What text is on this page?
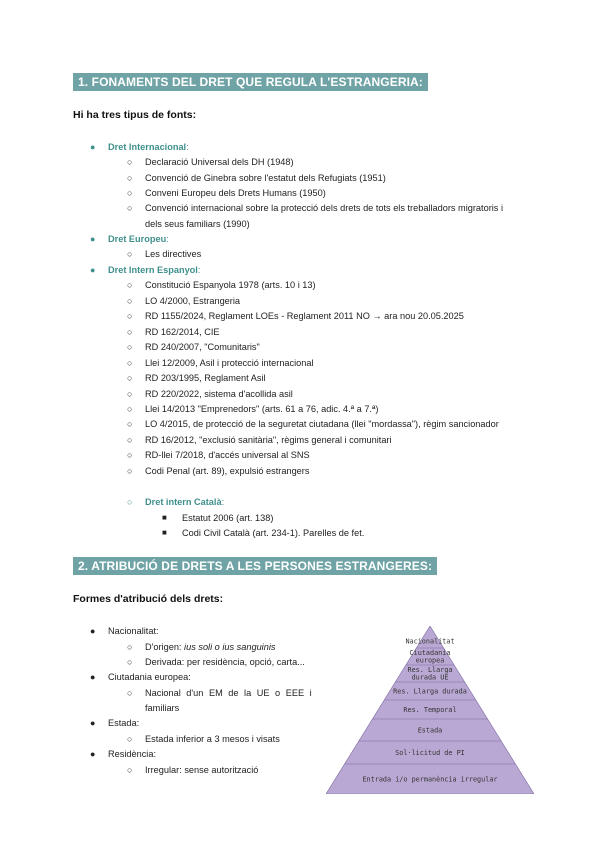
1. FONAMENTS DEL DRET QUE REGULA L'ESTRANGERIA:
Hi ha tres tipus de fonts:
● Dret Internacional:
○ Declaració Universal dels DH (1948)
○ Convenció de Ginebra sobre l'estatut dels Refugiats (1951)
○ Conveni Europeu dels Drets Humans (1950)
○ Convenció internacional sobre la protecció dels drets de tots els treballadors migratoris i
dels seus familiars (1990)
● Dret Europeu:
○ Les directives
● Dret Intern Espanyol:
○ Constitució Espanyola 1978 (arts. 10 i 13)
○ LO 4/2000, Estrangeria
○ RD 1155/2024, Reglament LOEs - Reglament 2011 NO → ara nou 20.05.2025
○ RD 162/2014, CIE
○ RD 240/2007, "Comunitaris"
○ Llei 12/2009, Asil i protecció internacional
○ RD 203/1995, Reglament Asil
○ RD 220/2022, sistema d'acollida asil
○ Llei 14/2013 "Emprenedors" (arts. 61 a 76, adic. 4.ª a 7.ª)
○ LO 4/2015, de protecció de la seguretat ciutadana (llei "mordassa"), règim sancionador
○ RD 16/2012, "exclusió sanitària", règims general i comunitari
○ RD-llei 7/2018, d'accés universal al SNS
○ Codi Penal (art. 89), expulsió estrangers
○ Dret intern Català:
■ Estatut 2006 (art. 138)
■ Codi Civil Català (art. 234-1). Parelles de fet.
2. ATRIBUCIÓ DE DRETS A LES PERSONES ESTRANGERES:
Formes d'atribució dels drets:
● Nacionalitat:
○ D'origen: ius soli o ius sanguinis
○ Derivada: per residència, opció, carta...
● Ciutadania europea:
○ Nacional d'un EM de la UE o EEE i
familiars
● Estada:
○ Estada inferior a 3 mesos i visats
● Residència:
○ Irregular: sense autorització
Nacionalitat
Ciutadania
europea
Res. Llarga
durada UE
Res. Llarga durada
Res. Temporal
Estada
Sol·licitud de PI
Entrada i/o permanència irregular
